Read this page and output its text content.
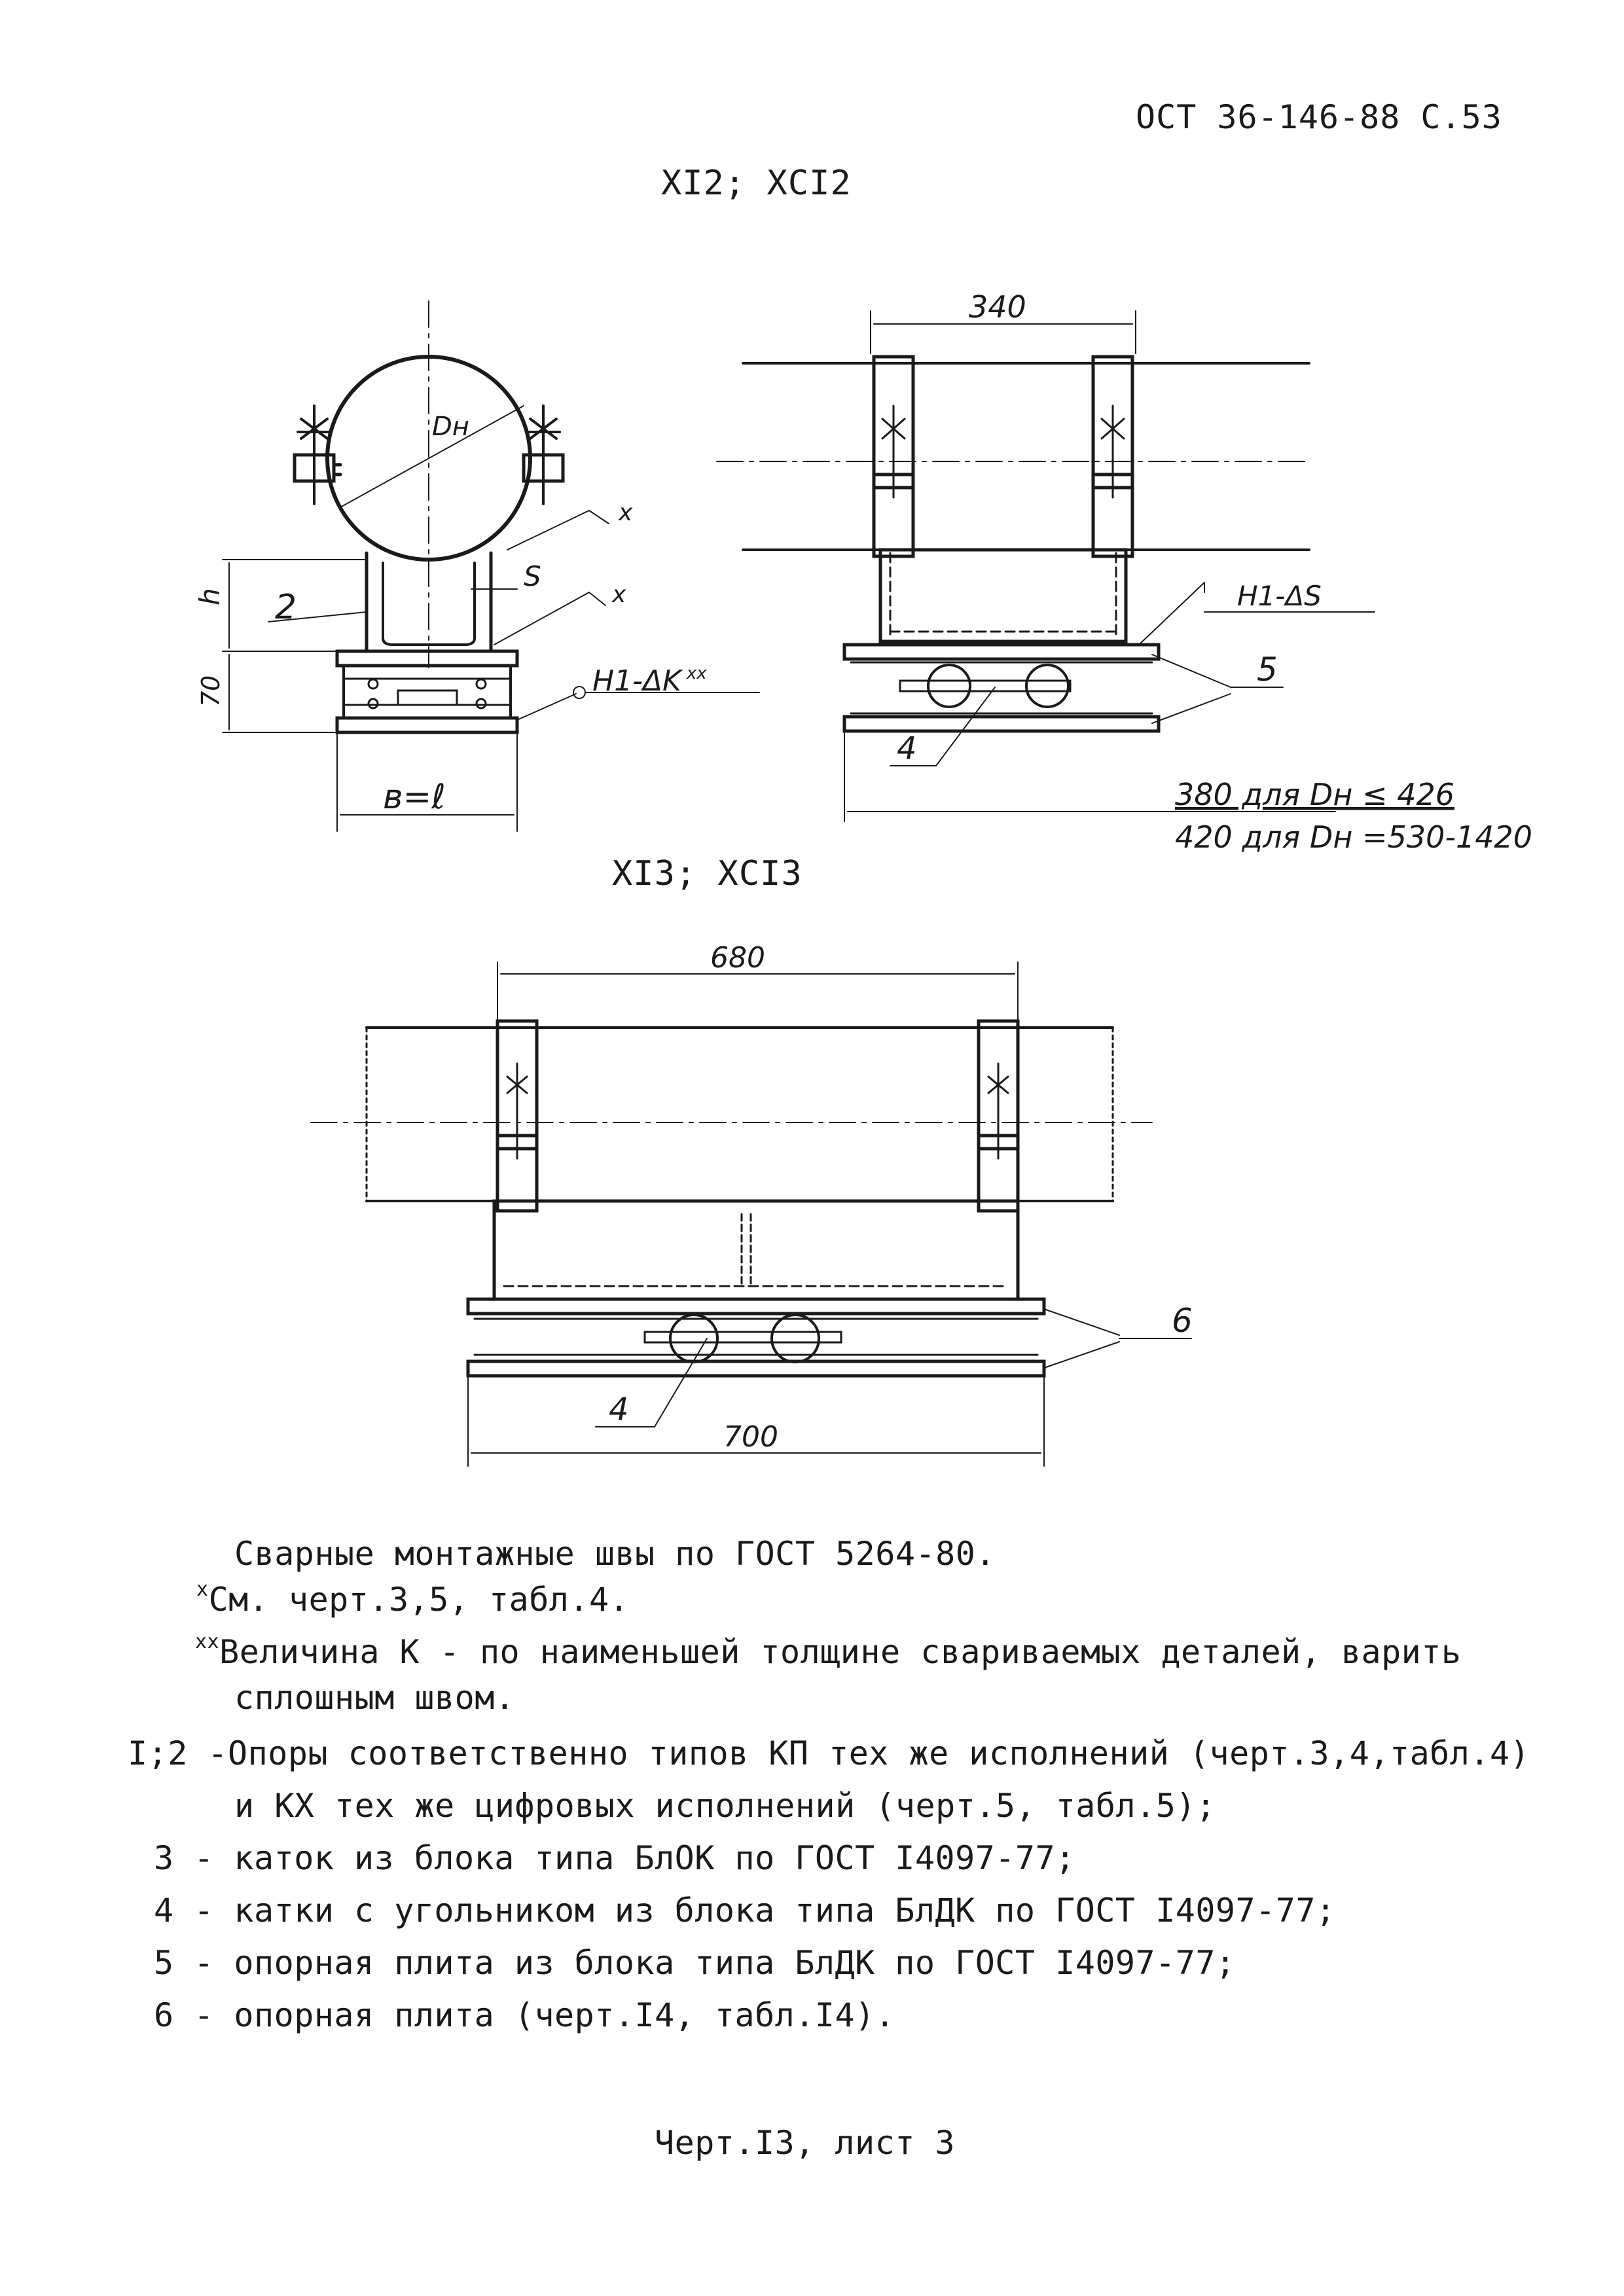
ОСТ 36-146-88 С.53
XI2; XCI2
XI3; XCI3
Dн
x
S
x
h 2
70	Н1-ΔK $^{xx}$
в=ℓ
340
Н1-ΔS
5
4
380 для Dн ≤ 426
420 для Dн =530-1420
680
6
4
700
Сварные монтажные швы по ГОСТ 5264-80.
$^x$См. черт.3,5, табл.4.
$^{xx}$Величина К - по наименьшей толщине свариваемых деталей, варить
сплошным швом.
I;2 -Опоры соответственно типов КП тех же исполнений (черт.3,4,табл.4)
и КХ тех же цифровых исполнений (черт.5, табл.5);
3 - каток из блока типа БлОК по ГОСТ I4097-77;
4 - катки с угольником из блока типа БлДК по ГОСТ I4097-77;
5 - опорная плита из блока типа БлДК по ГОСТ I4097-77;
6 - опорная плита (черт.I4, табл.I4).
Черт.I3, лист 3
